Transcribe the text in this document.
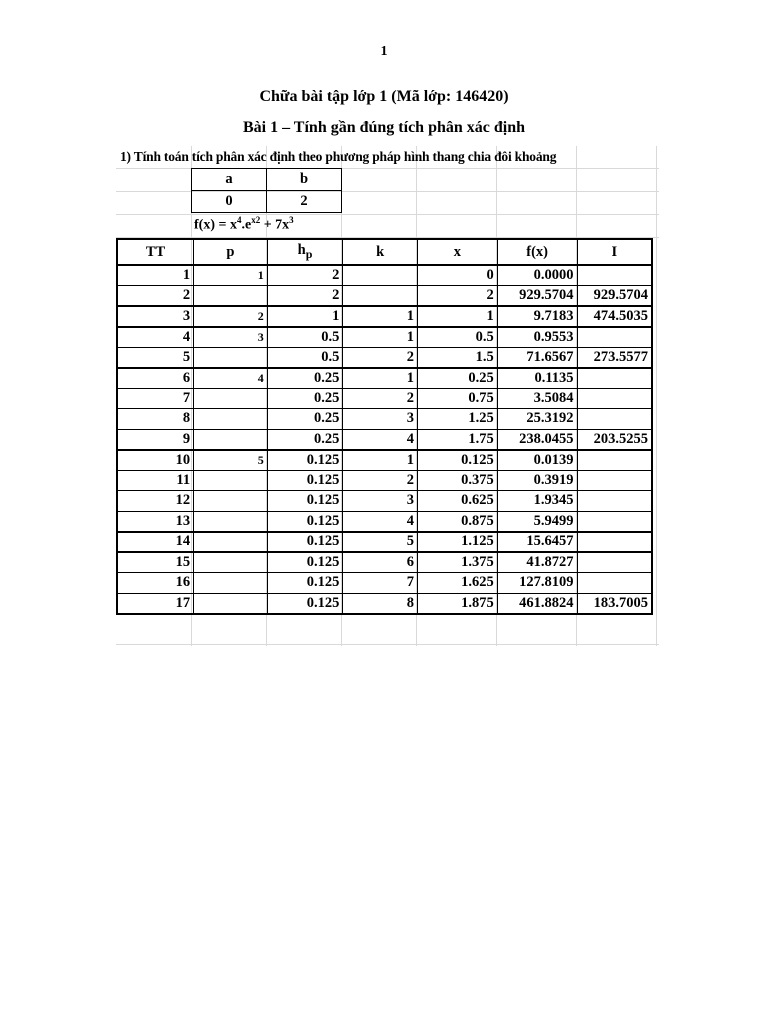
1
Chữa bài tập lớp 1 (Mã lớp: 146420)
Bài 1 – Tính gần đúng tích phân xác định
1) Tính toán tích phân xác định theo phương pháp hình thang chia đôi khoảng
a	b
0	2
$f(x) = x^4.e^{x2} + 7x^3$
TT	p	$h_p$	k	x	f(x)	I
1	1	2		0	0.0000	
2		2		2	929.5704	929.5704
3	2	1	1	1	9.7183	474.5035
4	3	0.5	1	0.5	0.9553	
5		0.5	2	1.5	71.6567	273.5577
6	4	0.25	1	0.25	0.1135	
7		0.25	2	0.75	3.5084	
8		0.25	3	1.25	25.3192	
9		0.25	4	1.75	238.0455	203.5255
10	5	0.125	1	0.125	0.0139	
11		0.125	2	0.375	0.3919	
12		0.125	3	0.625	1.9345	
13		0.125	4	0.875	5.9499	
14		0.125	5	1.125	15.6457	
15		0.125	6	1.375	41.8727	
16		0.125	7	1.625	127.8109	
17		0.125	8	1.875	461.8824	183.7005
